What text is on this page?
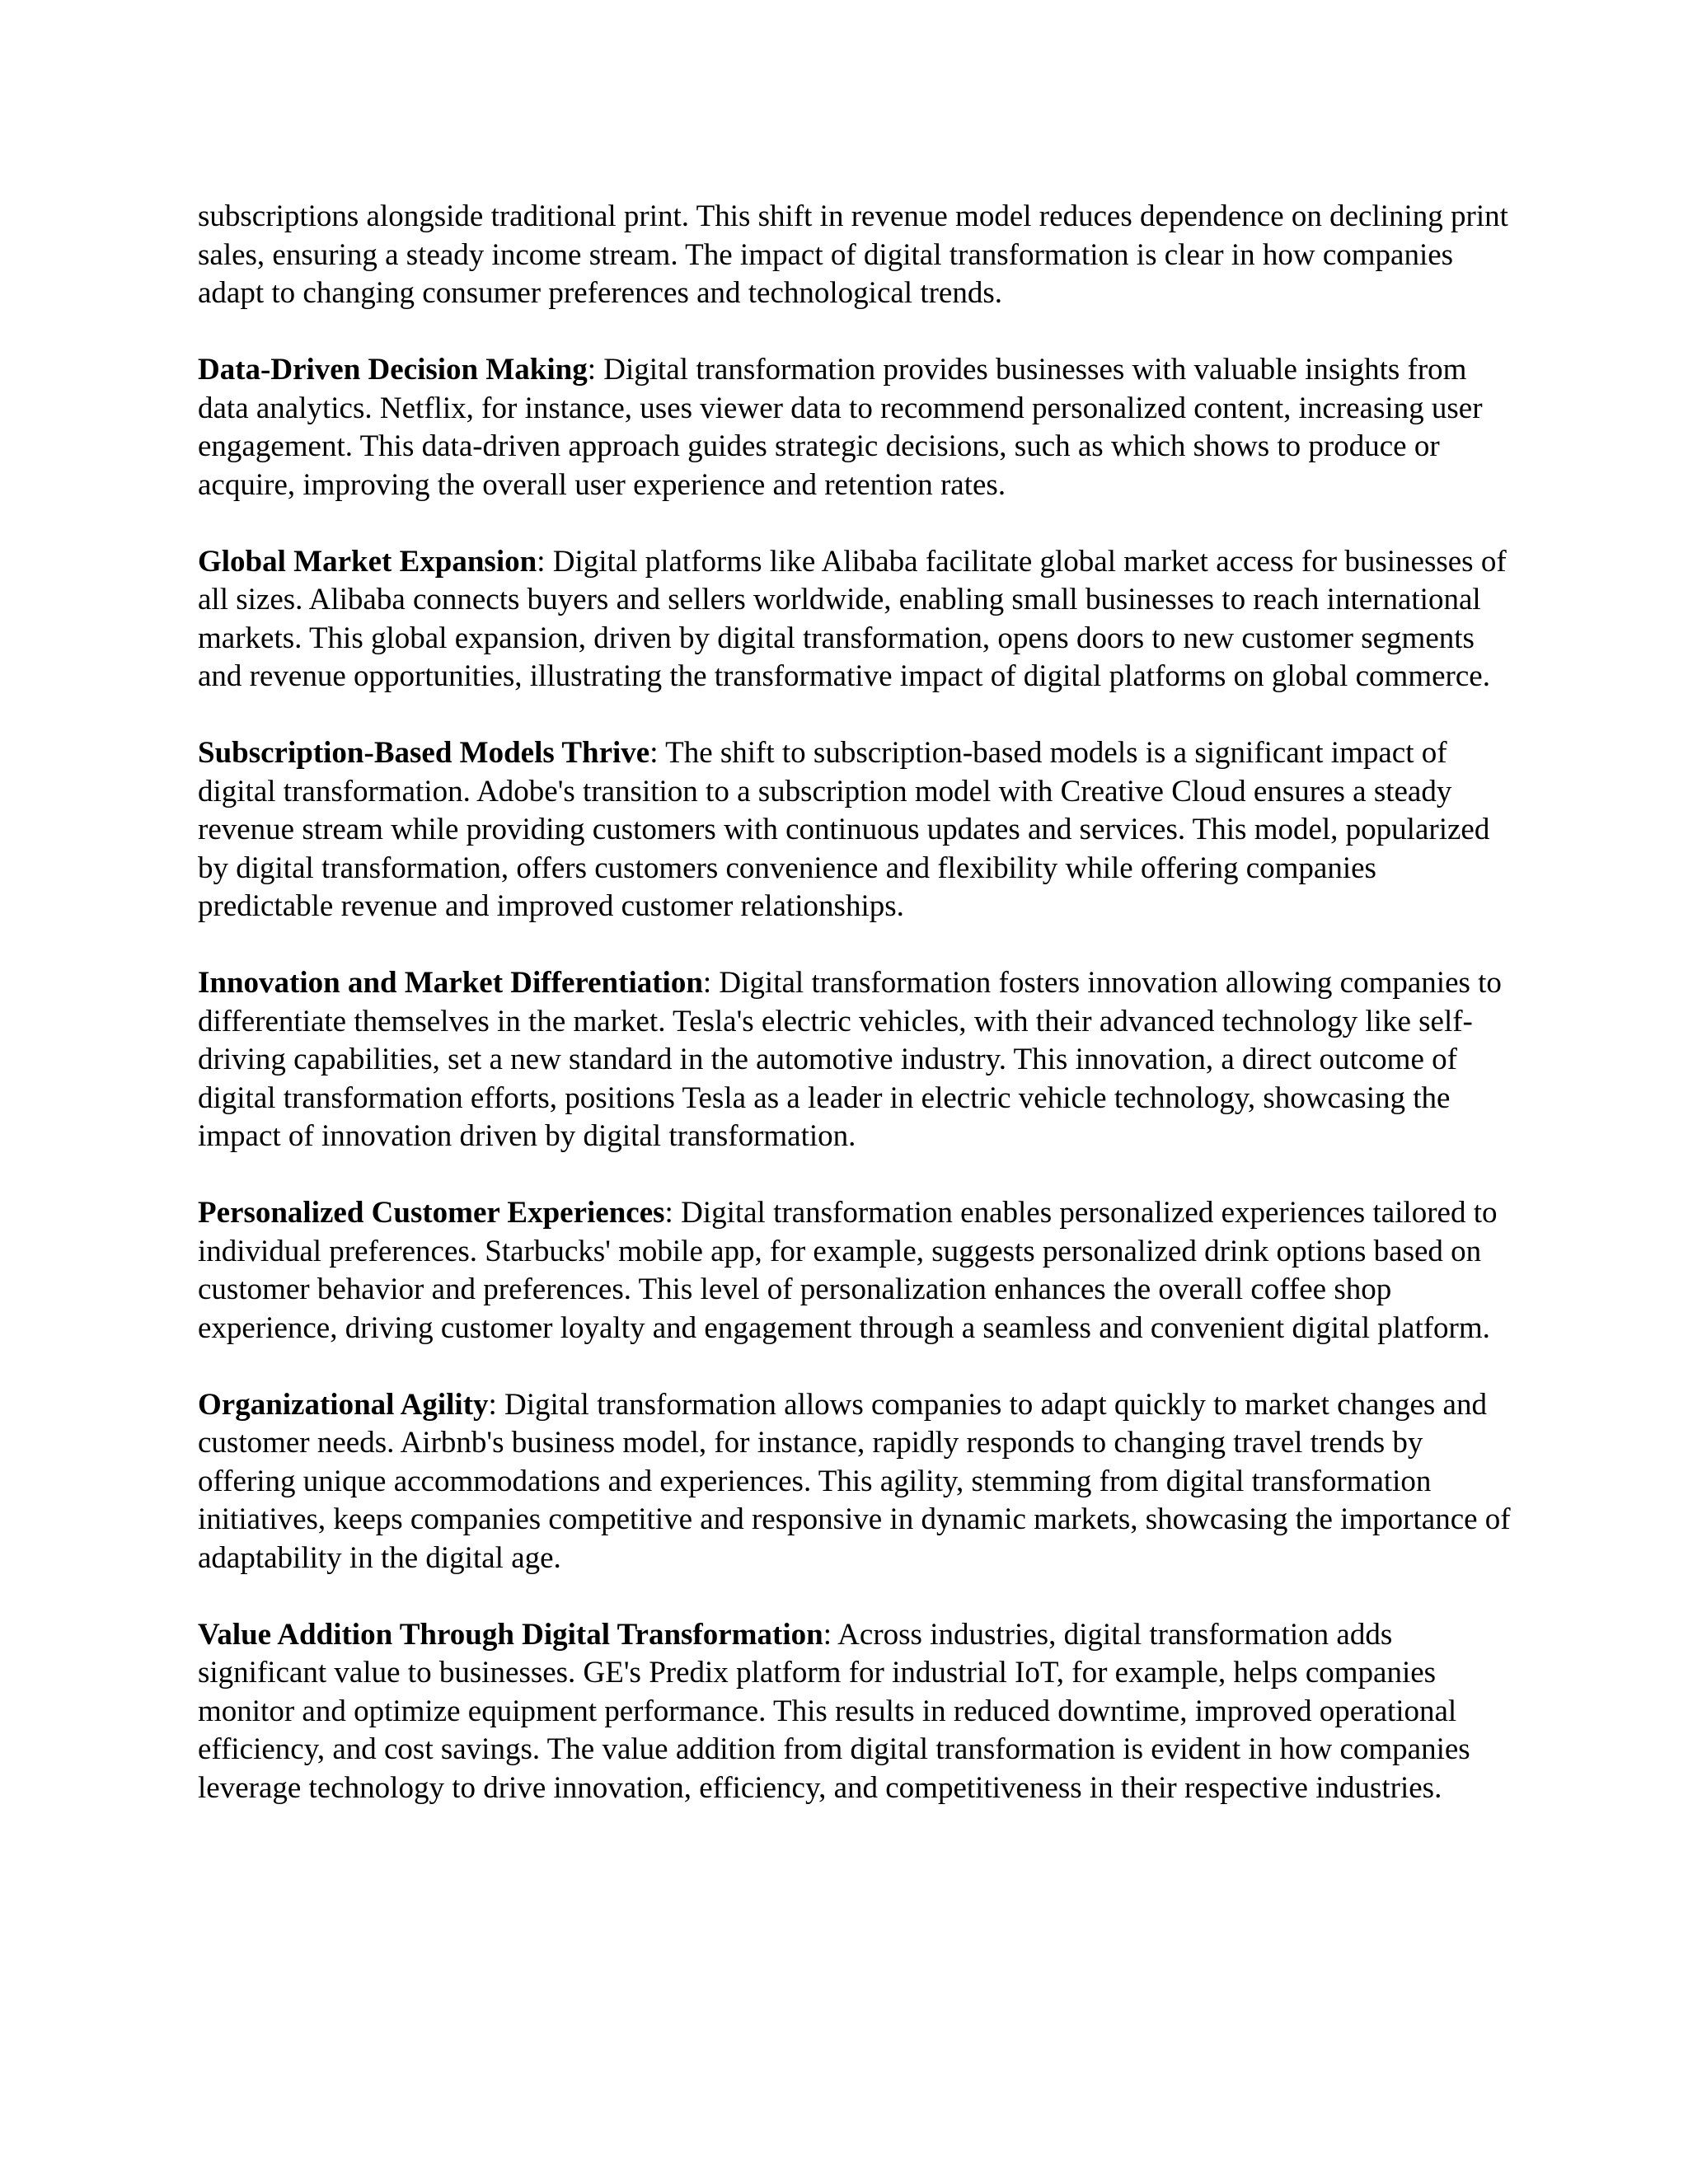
subscriptions alongside traditional print. This shift in revenue model reduces dependence on declining print sales, ensuring a steady income stream. The impact of digital transformation is clear in how companies adapt to changing consumer preferences and technological trends.

Data-Driven Decision Making: Digital transformation provides businesses with valuable insights from data analytics. Netflix, for instance, uses viewer data to recommend personalized content, increasing user engagement. This data-driven approach guides strategic decisions, such as which shows to produce or acquire, improving the overall user experience and retention rates.

Global Market Expansion: Digital platforms like Alibaba facilitate global market access for businesses of all sizes. Alibaba connects buyers and sellers worldwide, enabling small businesses to reach international markets. This global expansion, driven by digital transformation, opens doors to new customer segments and revenue opportunities, illustrating the transformative impact of digital platforms on global commerce.

Subscription-Based Models Thrive: The shift to subscription-based models is a significant impact of digital transformation. Adobe's transition to a subscription model with Creative Cloud ensures a steady revenue stream while providing customers with continuous updates and services. This model, popularized by digital transformation, offers customers convenience and flexibility while offering companies predictable revenue and improved customer relationships.

Innovation and Market Differentiation: Digital transformation fosters innovation allowing companies to differentiate themselves in the market. Tesla's electric vehicles, with their advanced technology like self-driving capabilities, set a new standard in the automotive industry. This innovation, a direct outcome of digital transformation efforts, positions Tesla as a leader in electric vehicle technology, showcasing the impact of innovation driven by digital transformation.

Personalized Customer Experiences: Digital transformation enables personalized experiences tailored to individual preferences. Starbucks' mobile app, for example, suggests personalized drink options based on customer behavior and preferences. This level of personalization enhances the overall coffee shop experience, driving customer loyalty and engagement through a seamless and convenient digital platform.

Organizational Agility: Digital transformation allows companies to adapt quickly to market changes and customer needs. Airbnb's business model, for instance, rapidly responds to changing travel trends by offering unique accommodations and experiences. This agility, stemming from digital transformation initiatives, keeps companies competitive and responsive in dynamic markets, showcasing the importance of adaptability in the digital age.

Value Addition Through Digital Transformation: Across industries, digital transformation adds significant value to businesses. GE's Predix platform for industrial IoT, for example, helps companies monitor and optimize equipment performance. This results in reduced downtime, improved operational efficiency, and cost savings. The value addition from digital transformation is evident in how companies leverage technology to drive innovation, efficiency, and competitiveness in their respective industries.
